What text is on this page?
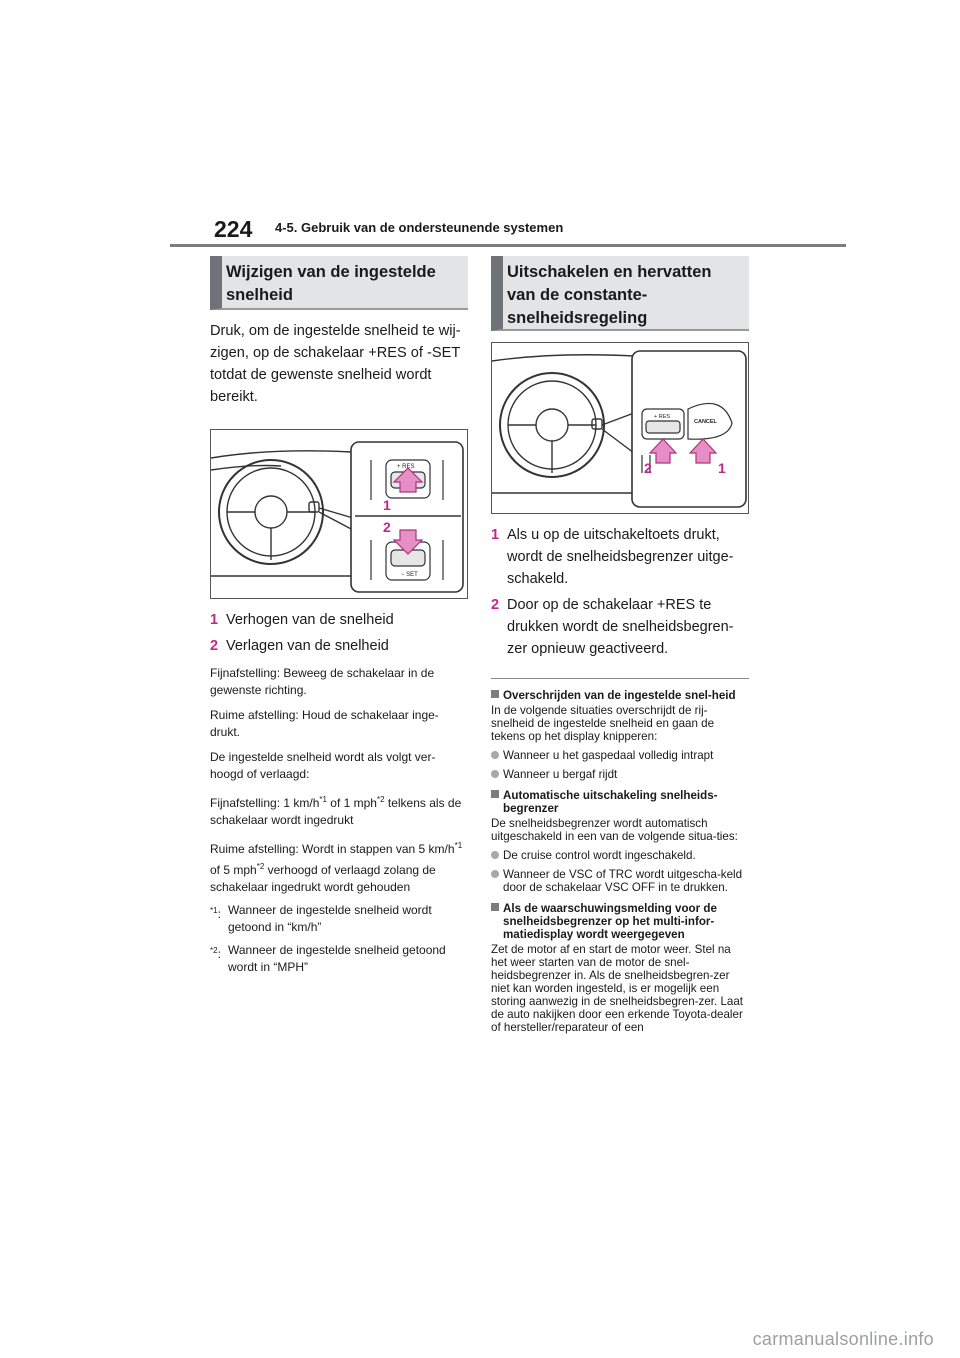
224 4-5. Gebruik van de ondersteunende systemen
Wijzigen van de ingestelde snelheid

Druk, om de ingestelde snelheid te wij-zigen, op de schakelaar +RES of -SET totdat de gewenste snelheid wordt bereikt.

+ RES
− SET
1
2
1 Verhogen van de snelheid
2 Verlagen van de snelheid

Fijnafstelling: Beweeg de schakelaar in de gewenste richting.

Ruime afstelling: Houd de schakelaar inge-drukt.

De ingestelde snelheid wordt als volgt ver-hoogd of verlaagd:

Fijnafstelling: 1 $km/h^{*1}$ of 1 mph$^{*2}$ telkens als de schakelaar wordt ingedrukt

Ruime afstelling: Wordt in stappen van 5 $km/h^{*1}$ of 5 mph$^{*2}$ verhoogd of verlaagd zolang de schakelaar ingedrukt wordt gehouden

$^{*1}$: Wanneer de ingestelde snelheid wordt getoond in “km/h”
$^{*2}$: Wanneer de ingestelde snelheid getoond wordt in “MPH”
Uitschakelen en hervatten van de constante-snelheidsregeling
+ RES
CANCEL
2	1
1 Als u op de uitschakeltoets drukt, wordt de snelheidsbegrenzer uitge-schakeld.
2 Door op de schakelaar +RES te drukken wordt de snelheidsbegren-zer opnieuw geactiveerd.
Overschrijden van de ingestelde snel-heid
In de volgende situaties overschrijdt de rij-snelheid de ingestelde snelheid en gaan de tekens op het display knipperen:
Wanneer u het gaspedaal volledig intrapt
Wanneer u bergaf rijdt
Automatische uitschakeling snelheids-begrenzer
De snelheidsbegrenzer wordt automatisch uitgeschakeld in een van de volgende situa-ties:
De cruise control wordt ingeschakeld.
Wanneer de VSC of TRC wordt uitgescha-keld door de schakelaar VSC OFF in te drukken.
Als de waarschuwingsmelding voor de snelheidsbegrenzer op het multi-infor-matiedisplay wordt weergegeven
Zet de motor af en start de motor weer. Stel na het weer starten van de motor de snel-heidsbegrenzer in. Als de snelheidsbegren-zer niet kan worden ingesteld, is er mogelijk een storing aanwezig in de snelheidsbegren-zer. Laat de auto nakijken door een erkende Toyota-dealer of hersteller/reparateur of een
carmanualsonline.info
